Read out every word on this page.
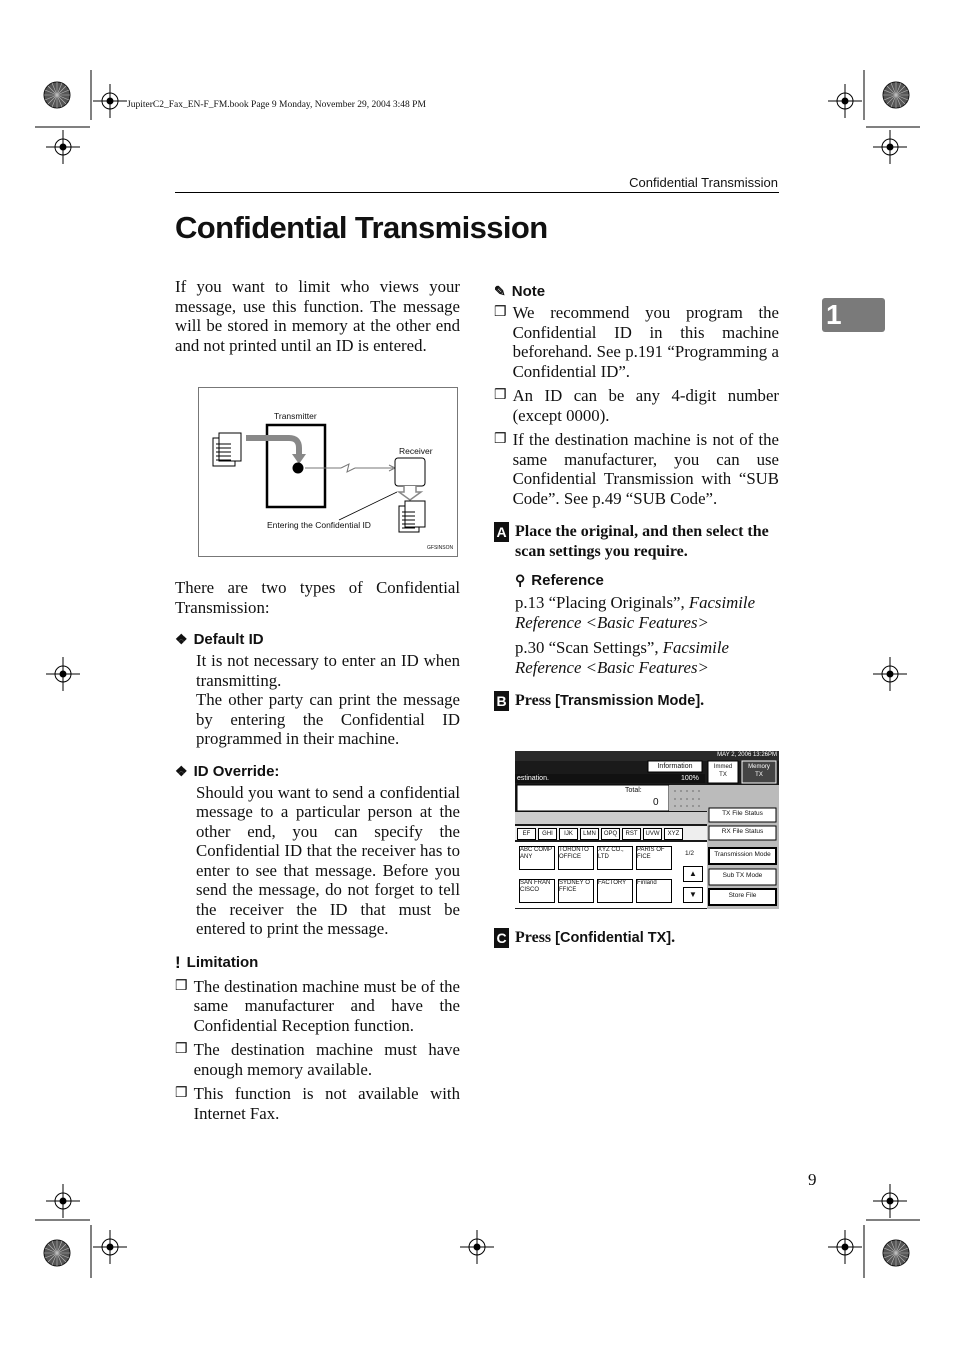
JupiterC2_Fax_EN-F_FM.book Page 9 Monday, November 29, 2004 3:48 PM
Confidential Transmission
Confidential Transmission
1

If you want to limit who views your message, use this function. The message will be stored in memory at the other end and not printed until an ID is entered.

Transmitter
Receiver
Entering the Confidential ID
GFSINSON

There are two types of Confidential Transmission:

❖ Default ID

It is not necessary to enter an ID when transmitting.

The other party can print the message by entering the Confidential ID programmed in their machine.

❖ ID Override:

Should you want to send a confidential message to a particular person at the other end, you can specify the Confidential ID that the receiver has to enter to see that message. Before you send the message, do not forget to tell the receiver the ID that must be entered to print the message.

! Limitation
❒ The destination machine must be of the same manufacturer and have the Confidential Reception function.
❒ The destination machine must have enough memory available.
❒ This function is not available with Internet Fax.
✎ Note
❒ We recommend you program the Confidential ID in this machine beforehand. See p.191 “Programming a Confidential ID”.
❒ An ID can be any 4-digit number (except 0000).
❒ If the destination machine is not of the same manufacturer, you can use Confidential Transmission with “SUB Code”. See p.49 “SUB Code”.
A Place the original, and then select the scan settings you require.
⚲ Reference

p.13 “Placing Originals”, Facsimile Reference <Basic Features>

p.30 “Scan Settings”, Facsimile Reference <Basic Features>

B Press [Transmission Mode].
MAY 2, 2006 13:26PM
Information
estination.	100%
Immed TX
Memory TX
Total:
0
TX File Status
RX File Status
Transmission Mode
Sub TX Mode
Store File
EF	GHI	IJK	LMN	OPQ	RST	UVW	XYZ
ABC COMP ANY
TORONTO OFFICE
XYZ CO., LTD
PARIS OF FICE
SAN FRAN CISCO
SYDNEY O FFICE
FACTORY	Finland
1/2
▲
▼
C Press [Confidential TX].
9
